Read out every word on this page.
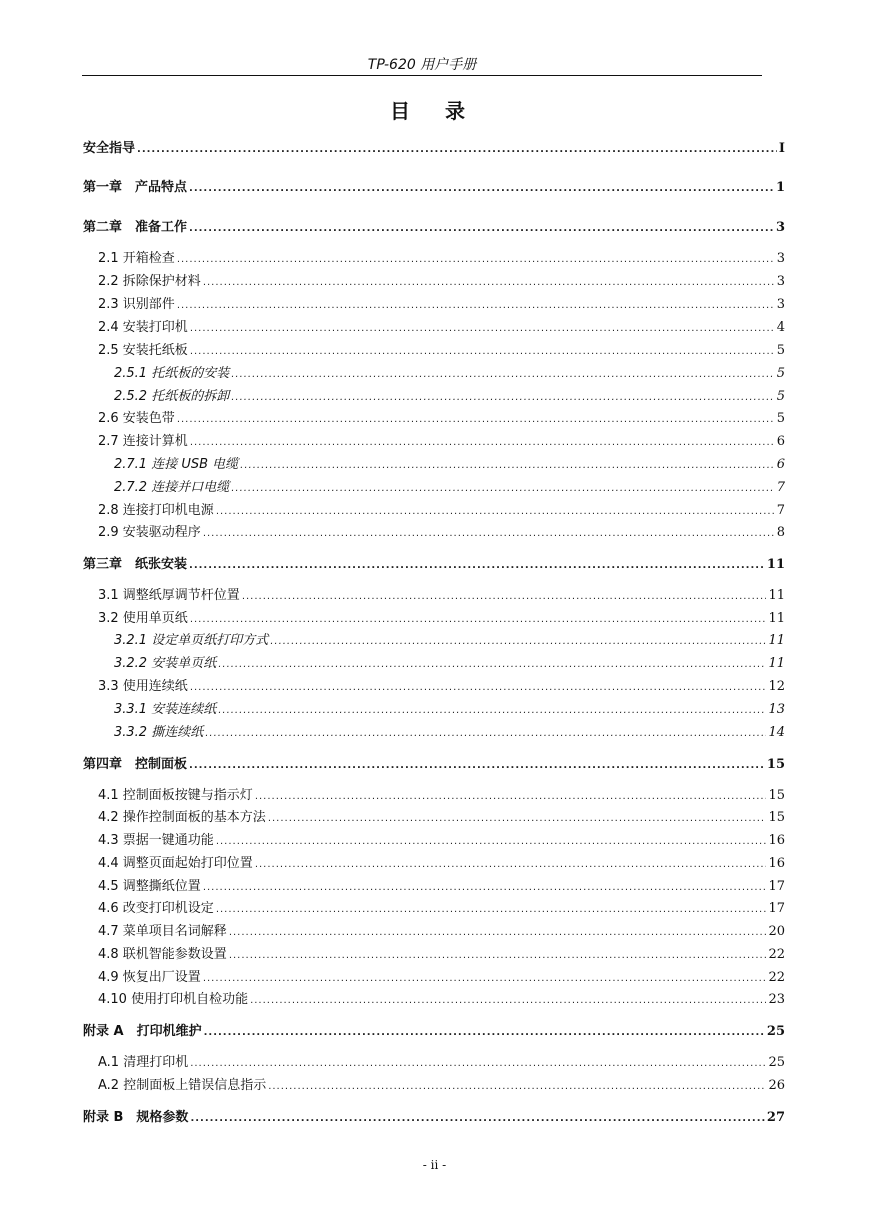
TP-620 用户手册
目 录
安全指导 .....	I
第一章　产品特点 .....	1
第二章　准备工作 .....	3
2.1 开箱检查 .....	3
2.2 拆除保护材料 .....	3
2.3 识别部件 .....	3
2.4 安装打印机 .....	4
2.5 安装托纸板 .....	5
2.5.1 托纸板的安装 .....	5
2.5.2 托纸板的拆卸 .....	5
2.6 安装色带 .....	5
2.7 连接计算机 .....	6
2.7.1 连接 USB 电缆 .....	6
2.7.2 连接并口电缆 .....	7
2.8 连接打印机电源 .....	7
2.9 安装驱动程序 .....	8
第三章　纸张安装 .....	11
3.1 调整纸厚调节杆位置 .....	11
3.2 使用单页纸 .....	11
3.2.1 设定单页纸打印方式 .....	11
3.2.2 安装单页纸 .....	11
3.3 使用连续纸 .....	12
3.3.1 安装连续纸 .....	13
3.3.2 撕连续纸 .....	14
第四章　控制面板 .....	15
4.1 控制面板按键与指示灯 .....	15
4.2 操作控制面板的基本方法 .....	15
4.3 票据一键通功能 .....	16
4.4 调整页面起始打印位置 .....	16
4.5 调整撕纸位置 .....	17
4.6 改变打印机设定 .....	17
4.7 菜单项目名词解释 .....	20
4.8 联机智能参数设置 .....	22
4.9 恢复出厂设置 .....	22
4.10 使用打印机自检功能 .....	23
附录 A　打印机维护 .....	25
A.1 清理打印机 .....	25
A.2 控制面板上错误信息指示 .....	26
附录 B　规格参数 .....	27
- ii -
